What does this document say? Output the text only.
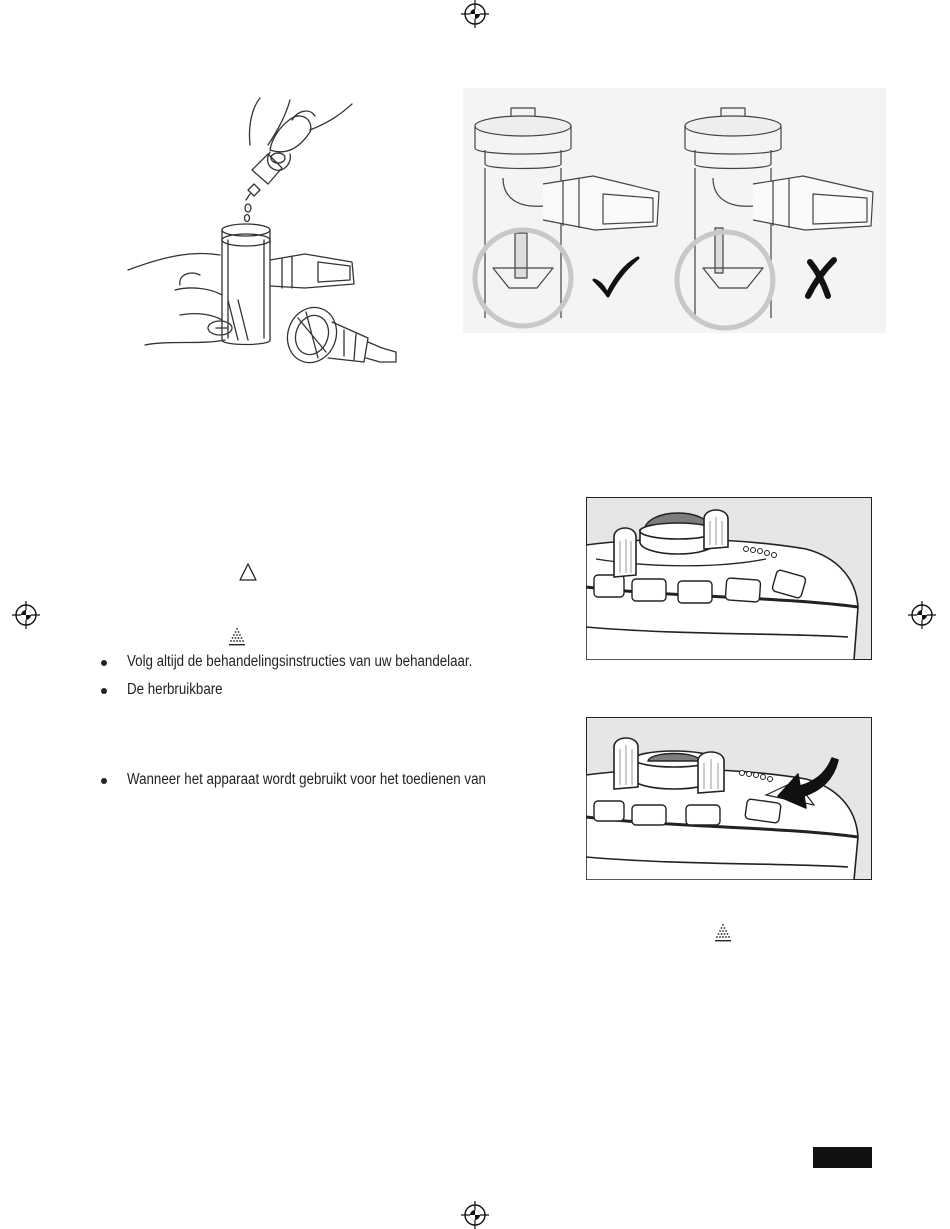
Volg altijd de behandelingsinstructies van uw behandelaar.
De herbruikbare
Wanneer het apparaat wordt gebruikt voor het toedienen van
